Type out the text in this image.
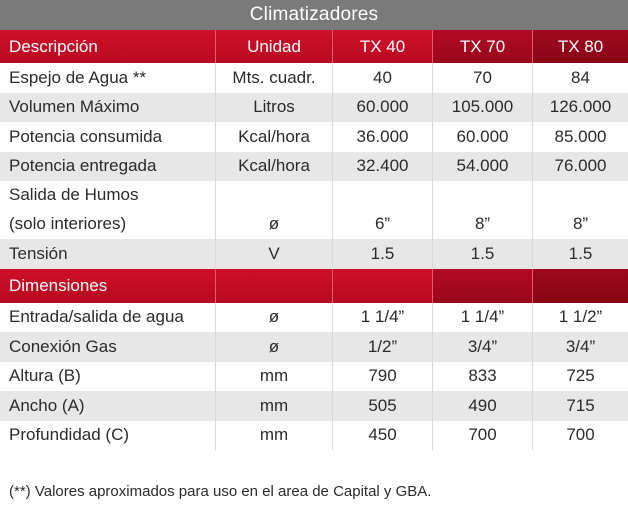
Climatizadores
Descripción	Unidad	TX 40	TX 70	TX 80
Espejo de Agua **	Mts. cuadr.	40	70	84
Volumen Máximo	Litros	60.000	105.000	126.000
Potencia consumida	Kcal/hora	36.000	60.000	85.000
Potencia entregada	Kcal/hora	32.400	54.000	76.000
Salida de Humos
(solo interiores)	ø	6”	8”	8”
Tensión	V	1.5	1.5	1.5
Dimensiones
Entrada/salida de agua	ø	1 1/4”	1 1/4”	1 1/2”
Conexión Gas	ø	1/2”	3/4”	3/4”
Altura (B)	mm	790	833	725
Ancho (A)	mm	505	490	715
Profundidad (C)	mm	450	700	700
(**) Valores aproximados para uso en el area de Capital y GBA.
